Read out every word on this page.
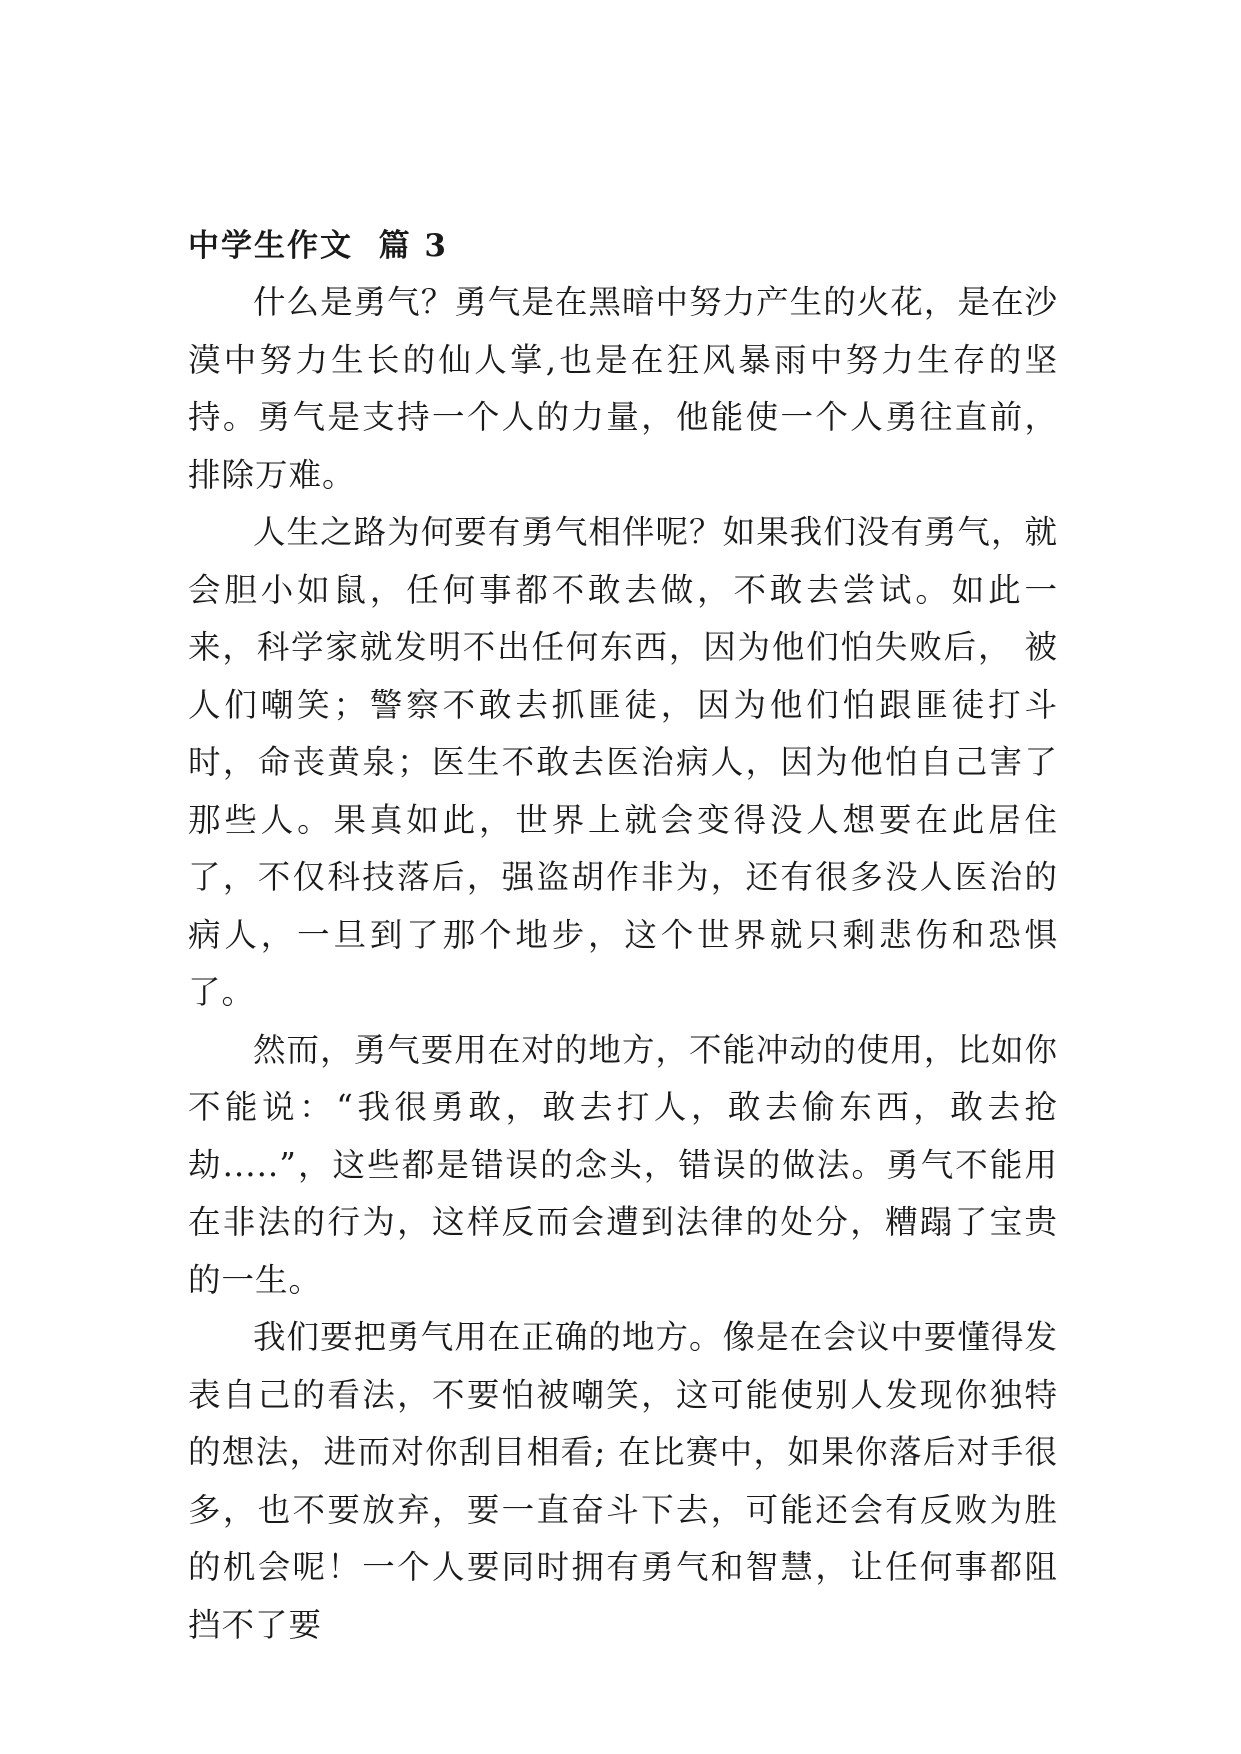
中学生作文  篇 3

什么是勇气？勇气是在黑暗中努力产生的火花，是在沙漠中努力生长的仙人掌,也是在狂风暴雨中努力生存的坚持。勇气是支持一个人的力量，他能使一个人勇往直前，排除万难。

人生之路为何要有勇气相伴呢？如果我们没有勇气，就会胆小如鼠，任何事都不敢去做，不敢去尝试。如此一来，科学家就发明不出任何东西，因为他们怕失败后， 被人们嘲笑；警察不敢去抓匪徒，因为他们怕跟匪徒打斗时，命丧黄泉；医生不敢去医治病人，因为他怕自己害了那些人。果真如此，世界上就会变得没人想要在此居住了，不仅科技落后，强盗胡作非为，还有很多没人医治的病人，一旦到了那个地步，这个世界就只剩悲伤和恐惧了。

然而，勇气要用在对的地方，不能冲动的使用，比如你不能说：“我很勇敢，敢去打人，敢去偷东西，敢去抢劫.....”，这些都是错误的念头，错误的做法。勇气不能用在非法的行为，这样反而会遭到法律的处分，糟蹋了宝贵的一生。

我们要把勇气用在正确的地方。像是在会议中要懂得发表自己的看法，不要怕被嘲笑，这可能使别人发现你独特的想法，进而对你刮目相看; 在比赛中，如果你落后对手很多，也不要放弃，要一直奋斗下去，可能还会有反败为胜的机会呢！一个人要同时拥有勇气和智慧，让任何事都阻挡不了要
